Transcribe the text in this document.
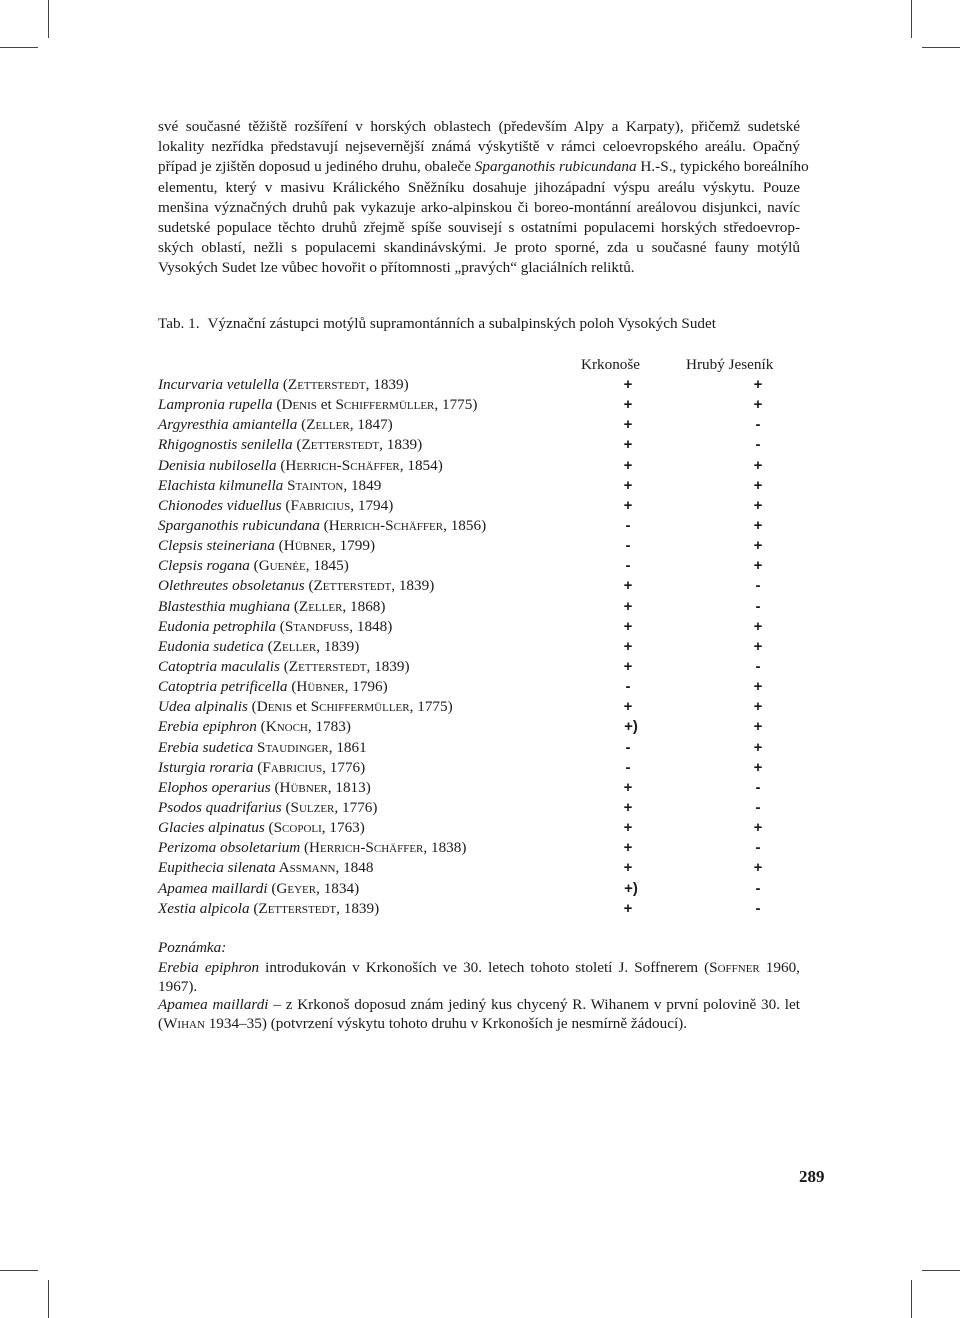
své současné těžiště rozšíření v horských oblastech (především Alpy a Karpaty), přičemž sudetské
lokality nezřídka představují nejsevernější známá výskytiště v rámci celoevropského areálu. Opačný
případ je zjištěn doposud u jediného druhu, obaleče Sparganothis rubicundana H.-S., typického boreálního
elementu, který v masivu Králického Sněžníku dosahuje jihozápadní výspu areálu výskytu. Pouze
menšina význačných druhů pak vykazuje arko-alpinskou či boreo-montánní areálovou disjunkci, navíc
sudetské populace těchto druhů zřejmě spíše souvisejí s ostatními populacemi horských středoevrop-
ských oblastí, nežli s populacemi skandinávskými. Je proto sporné, zda u současné fauny motýlů
Vysokých Sudet lze vůbec hovořit o přítomnosti „pravých“ glaciálních reliktů.
Tab. 1. Význační zástupci motýlů supramontánních a subalpinských poloh Vysokých Sudet
Krkonoše	Hrubý Jeseník
Incurvaria vetulella (Zetterstedt, 1839)	+	+
Lampronia rupella (Denis et Schiffermüller, 1775)	+	+
Argyresthia amiantella (Zeller, 1847)	+	-
Rhigognostis senilella (Zetterstedt, 1839)	+	-
Denisia nubilosella (Herrich-Schäffer, 1854)	+	+
Elachista kilmunella Stainton, 1849	+	+
Chionodes viduellus (Fabricius, 1794)	+	+
Sparganothis rubicundana (Herrich-Schäffer, 1856)	-	+
Clepsis steineriana (Hübner, 1799)	-	+
Clepsis rogana (Guenée, 1845)	-	+
Olethreutes obsoletanus (Zetterstedt, 1839)	+	-
Blastesthia mughiana (Zeller, 1868)	+	-
Eudonia petrophila (Standfuss, 1848)	+	+
Eudonia sudetica (Zeller, 1839)	+	+
Catoptria maculalis (Zetterstedt, 1839)	+	-
Catoptria petrificella (Hübner, 1796)	-	+
Udea alpinalis (Denis et Schiffermüller, 1775)	+	+
Erebia epiphron (Knoch, 1783)	+)	+
Erebia sudetica Staudinger, 1861	-	+
Isturgia roraria (Fabricius, 1776)	-	+
Elophos operarius (Hübner, 1813)	+	-
Psodos quadrifarius (Sulzer, 1776)	+	-
Glacies alpinatus (Scopoli, 1763)	+	+
Perizoma obsoletarium (Herrich-Schäffer, 1838)	+	-
Eupithecia silenata Assmann, 1848	+	+
Apamea maillardi (Geyer, 1834)	+)	-
Xestia alpicola (Zetterstedt, 1839)	+	-
Poznámka:
Erebia epiphron introdukován v Krkonoších ve 30. letech tohoto století J. Soffnerem (Soffner 1960,
1967).
Apamea maillardi – z Krkonoš doposud znám jediný kus chycený R. Wihanem v první polovině 30. let
(Wihan 1934–35) (potvrzení výskytu tohoto druhu v Krkonoších je nesmírně žádoucí).
289
